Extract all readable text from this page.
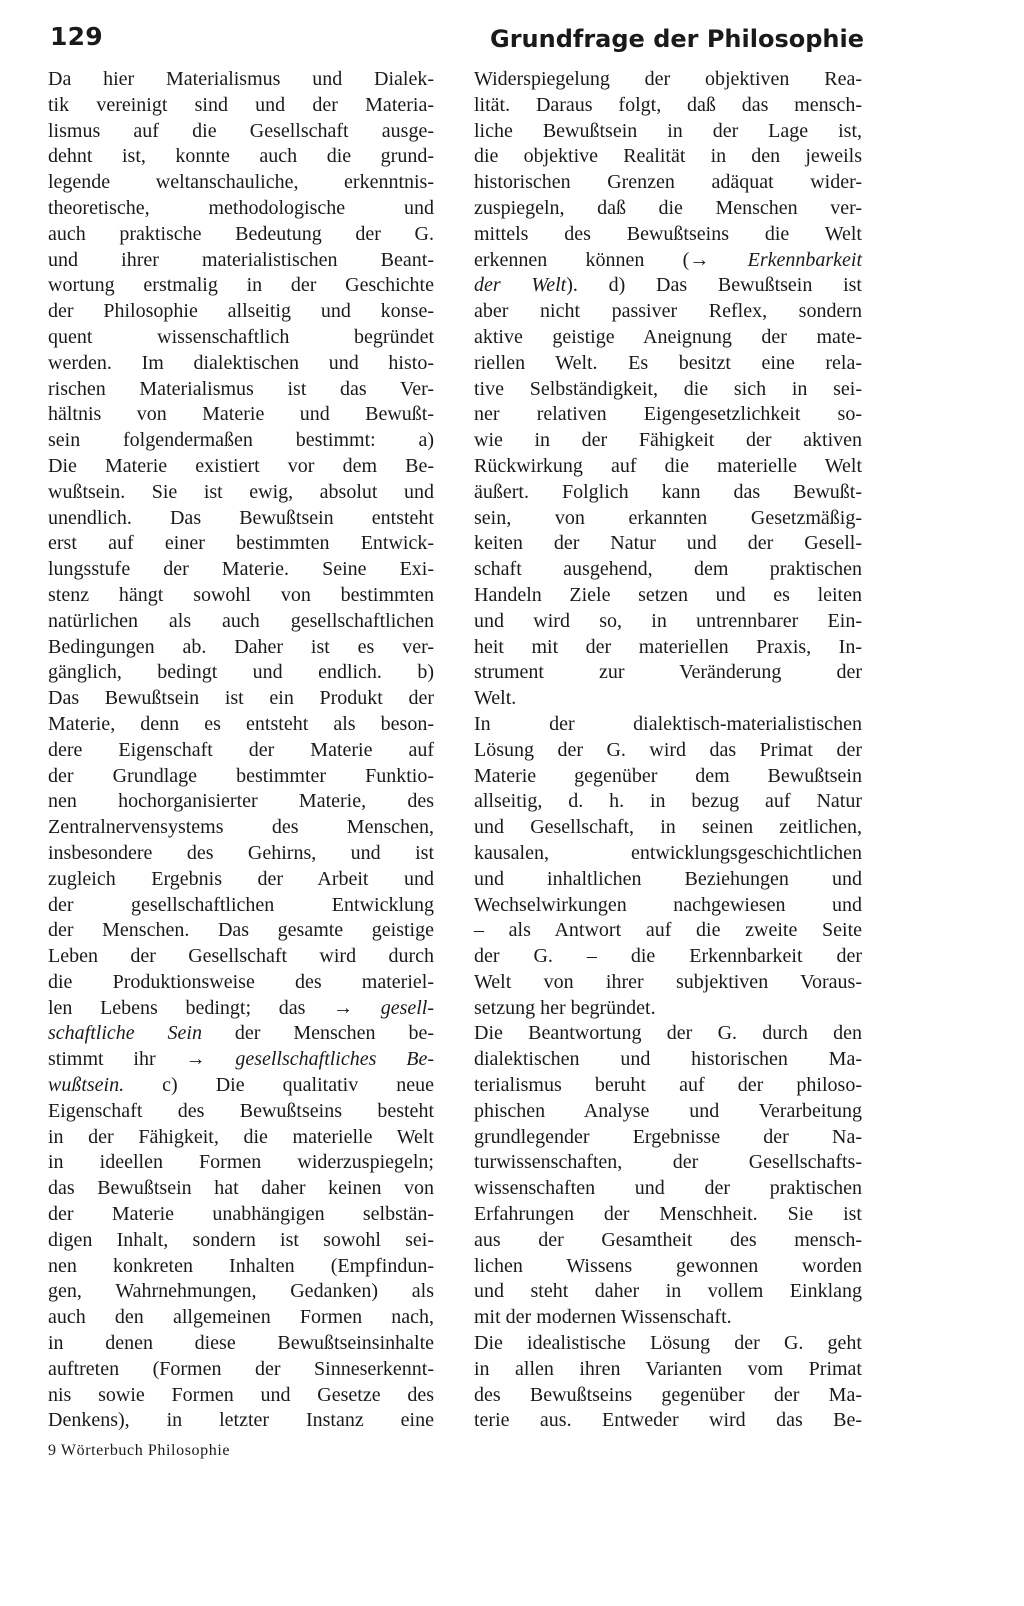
129	Grundfrage der Philosophie
Da hier Materialismus und Dialek-
tik vereinigt sind und der Materia-
lismus auf die Gesellschaft ausge-
dehnt ist, konnte auch die grund-
legende weltanschauliche, erkenntnis-
theoretische, methodologische und
auch praktische Bedeutung der G.
und ihrer materialistischen Beant-
wortung erstmalig in der Geschichte
der Philosophie allseitig und konse-
quent wissenschaftlich begründet
werden. Im dialektischen und histo-
rischen Materialismus ist das Ver-
hältnis von Materie und Bewußt-
sein folgendermaßen bestimmt: a)
Die Materie existiert vor dem Be-
wußtsein. Sie ist ewig, absolut und
unendlich. Das Bewußtsein entsteht
erst auf einer bestimmten Entwick-
lungsstufe der Materie. Seine Exi-
stenz hängt sowohl von bestimmten
natürlichen als auch gesellschaftlichen
Bedingungen ab. Daher ist es ver-
gänglich, bedingt und endlich. b)
Das Bewußtsein ist ein Produkt der
Materie, denn es entsteht als beson-
dere Eigenschaft der Materie auf
der Grundlage bestimmter Funktio-
nen hochorganisierter Materie, des
Zentralnervensystems des Menschen,
insbesondere des Gehirns, und ist
zugleich Ergebnis der Arbeit und
der gesellschaftlichen Entwicklung
der Menschen. Das gesamte geistige
Leben der Gesellschaft wird durch
die Produktionsweise des materiel-
len Lebens bedingt; das → gesell-
schaftliche Sein der Menschen be-
stimmt ihr → gesellschaftliches Be-
wußtsein. c) Die qualitativ neue
Eigenschaft des Bewußtseins besteht
in der Fähigkeit, die materielle Welt
in ideellen Formen widerzuspiegeln;
das Bewußtsein hat daher keinen von
der Materie unabhängigen selbstän-
digen Inhalt, sondern ist sowohl sei-
nen konkreten Inhalten (Empfindun-
gen, Wahrnehmungen, Gedanken) als
auch den allgemeinen Formen nach,
in denen diese Bewußtseinsinhalte
auftreten (Formen der Sinneserkennt-
nis sowie Formen und Gesetze des
Denkens), in letzter Instanz eine
Widerspiegelung der objektiven Rea-
lität. Daraus folgt, daß das mensch-
liche Bewußtsein in der Lage ist,
die objektive Realität in den jeweils
historischen Grenzen adäquat wider-
zuspiegeln, daß die Menschen ver-
mittels des Bewußtseins die Welt
erkennen können (→ Erkennbarkeit
der Welt). d) Das Bewußtsein ist
aber nicht passiver Reflex, sondern
aktive geistige Aneignung der mate-
riellen Welt. Es besitzt eine rela-
tive Selbständigkeit, die sich in sei-
ner relativen Eigengesetzlichkeit so-
wie in der Fähigkeit der aktiven
Rückwirkung auf die materielle Welt
äußert. Folglich kann das Bewußt-
sein, von erkannten Gesetzmäßig-
keiten der Natur und der Gesell-
schaft ausgehend, dem praktischen
Handeln Ziele setzen und es leiten
und wird so, in untrennbarer Ein-
heit mit der materiellen Praxis, In-
strument zur Veränderung der
Welt.
In der dialektisch-materialistischen
Lösung der G. wird das Primat der
Materie gegenüber dem Bewußtsein
allseitig, d. h. in bezug auf Natur
und Gesellschaft, in seinen zeitlichen,
kausalen, entwicklungsgeschichtlichen
und inhaltlichen Beziehungen und
Wechselwirkungen nachgewiesen und
– als Antwort auf die zweite Seite
der G. – die Erkennbarkeit der
Welt von ihrer subjektiven Voraus-
setzung her begründet.
Die Beantwortung der G. durch den
dialektischen und historischen Ma-
terialismus beruht auf der philoso-
phischen Analyse und Verarbeitung
grundlegender Ergebnisse der Na-
turwissenschaften, der Gesellschafts-
wissenschaften und der praktischen
Erfahrungen der Menschheit. Sie ist
aus der Gesamtheit des mensch-
lichen Wissens gewonnen worden
und steht daher in vollem Einklang
mit der modernen Wissenschaft.
Die idealistische Lösung der G. geht
in allen ihren Varianten vom Primat
des Bewußtseins gegenüber der Ma-
terie aus. Entweder wird das Be-
9 Wörterbuch Philosophie
